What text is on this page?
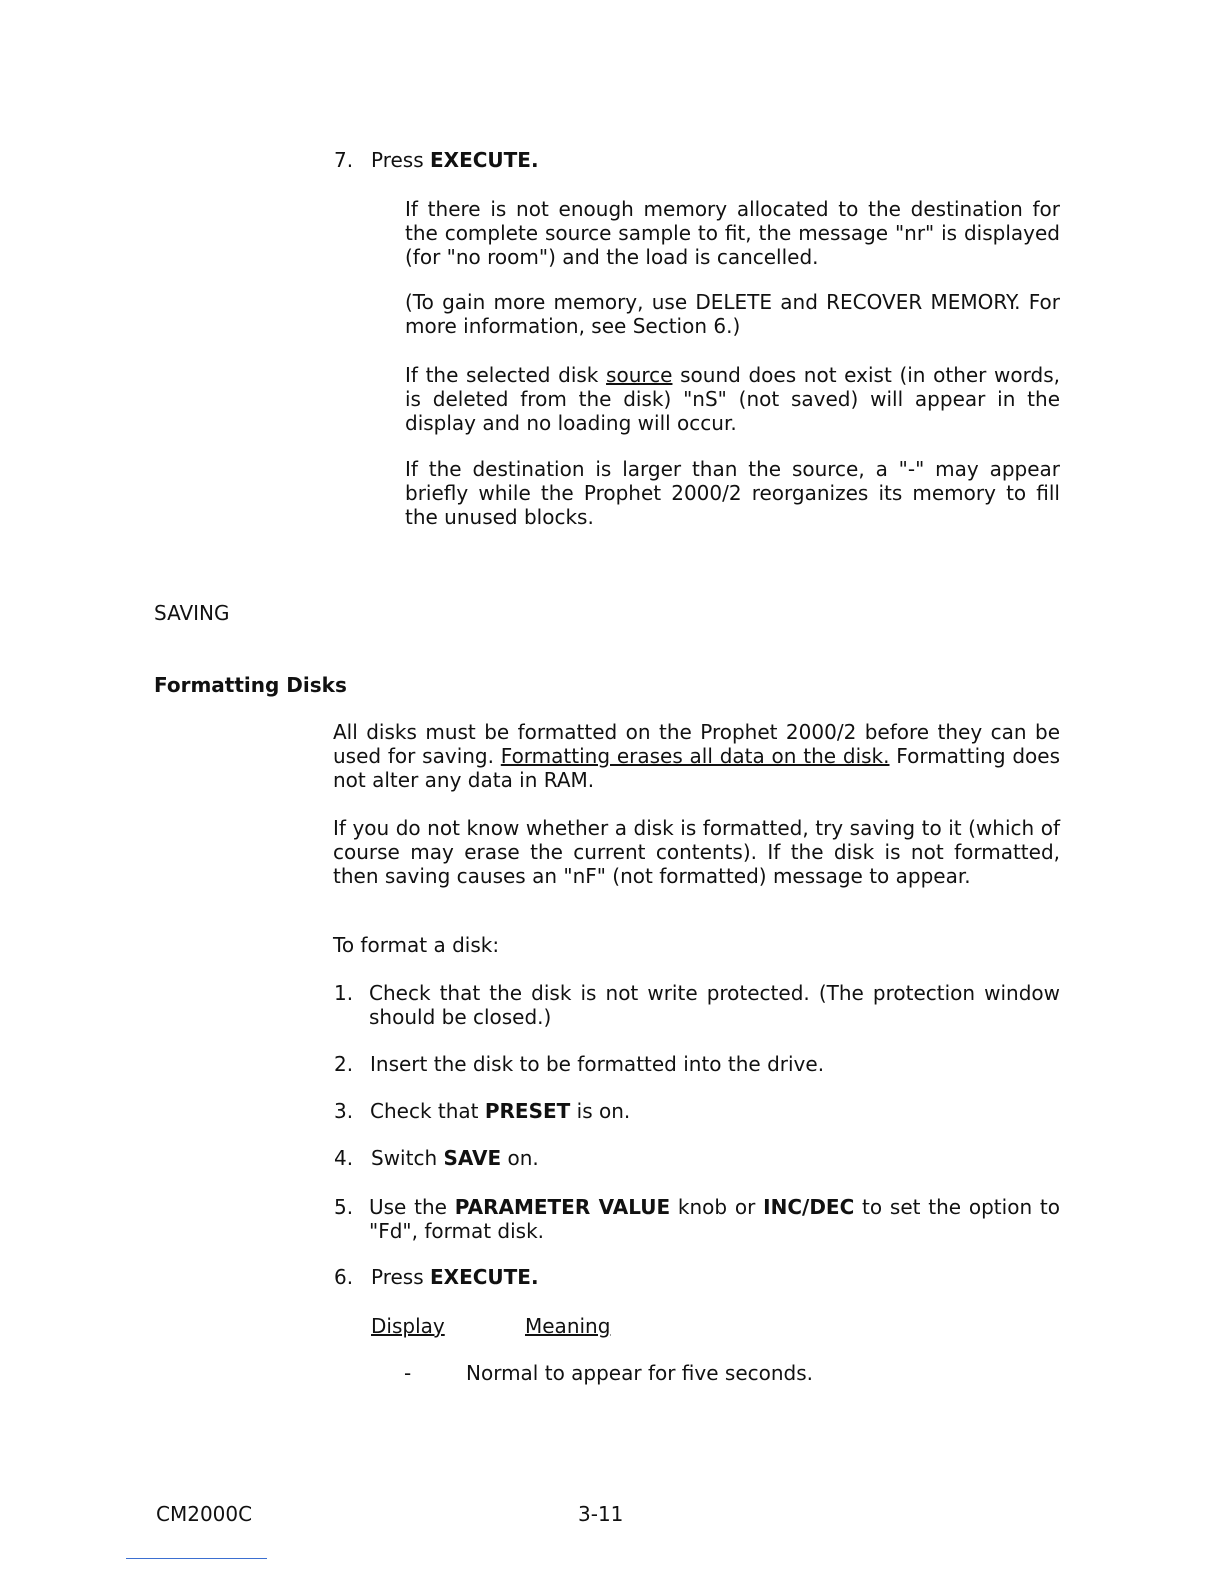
7. Press EXECUTE.
If there is not enough memory allocated to the destination for the complete source sample to fit, the message "nr" is displayed (for "no room") and the load is cancelled.
(To gain more memory, use DELETE and RECOVER MEMORY. For more information, see Section 6.)
If the selected disk source sound does not exist (in other words, is deleted from the disk) "nS" (not saved) will appear in the display and no loading will occur.
If the destination is larger than the source, a "-" may appear briefly while the Prophet 2000/2 reorganizes its memory to fill the unused blocks.
SAVING
Formatting Disks
All disks must be formatted on the Prophet 2000/2 before they can be used for saving. Formatting erases all data on the disk. Formatting does not alter any data in RAM.
If you do not know whether a disk is formatted, try saving to it (which of course may erase the current contents). If the disk is not formatted, then saving causes an "nF" (not formatted) message to appear.
To format a disk:
1. Check that the disk is not write protected. (The protection window should be closed.)
2. Insert the disk to be formatted into the drive.
3. Check that PRESET is on.
4. Switch SAVE on.
5. Use the PARAMETER VALUE knob or INC/DEC to set the option to "Fd", format disk.
6. Press EXECUTE.
Display	Meaning
-	Normal to appear for five seconds.
CM2000C	3-11
